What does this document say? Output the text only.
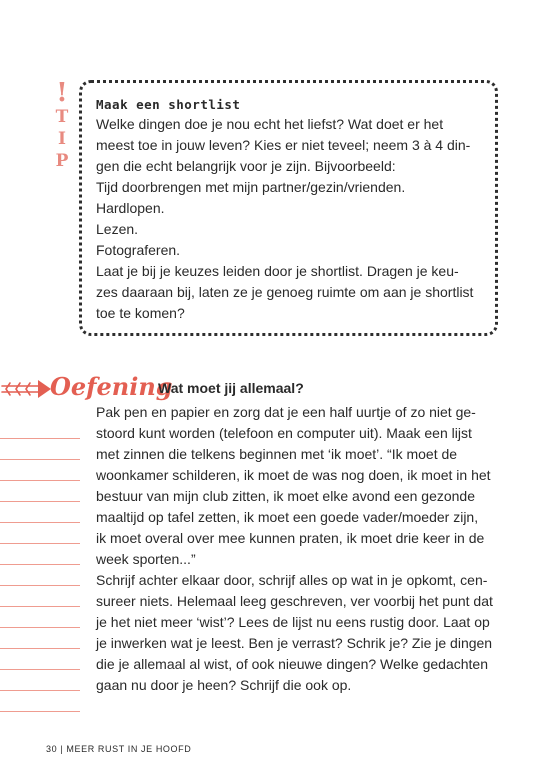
!
T
I
P
Maak een shortlist
Welke dingen doe je nou echt het liefst? Wat doet er het
meest toe in jouw leven? Kies er niet teveel; neem 3 à 4 din-
gen die echt belangrijk voor je zijn. Bijvoorbeeld:
Tijd doorbrengen met mijn partner/gezin/vrienden.
Hardlopen.
Lezen.
Fotograferen.
Laat je bij je keuzes leiden door je shortlist. Dragen je keu-
zes daaraan bij, laten ze je genoeg ruimte om aan je shortlist
toe te komen?
Oefening
Wat moet jij allemaal?
Pak pen en papier en zorg dat je een half uurtje of zo niet ge-
stoord kunt worden (telefoon en computer uit). Maak een lijst
met zinnen die telkens beginnen met ‘ik moet’. “Ik moet de
woonkamer schilderen, ik moet de was nog doen, ik moet in het
bestuur van mijn club zitten, ik moet elke avond een gezonde
maaltijd op tafel zetten, ik moet een goede vader/moeder zijn,
ik moet overal over mee kunnen praten, ik moet drie keer in de
week sporten...”
Schrijf achter elkaar door, schrijf alles op wat in je opkomt, cen-
sureer niets. Helemaal leeg geschreven, ver voorbij het punt dat
je het niet meer ‘wist’? Lees de lijst nu eens rustig door. Laat op
je inwerken wat je leest. Ben je verrast? Schrik je? Zie je dingen
die je allemaal al wist, of ook nieuwe dingen? Welke gedachten
gaan nu door je heen? Schrijf die ook op.
30 | MEER RUST IN JE HOOFD
